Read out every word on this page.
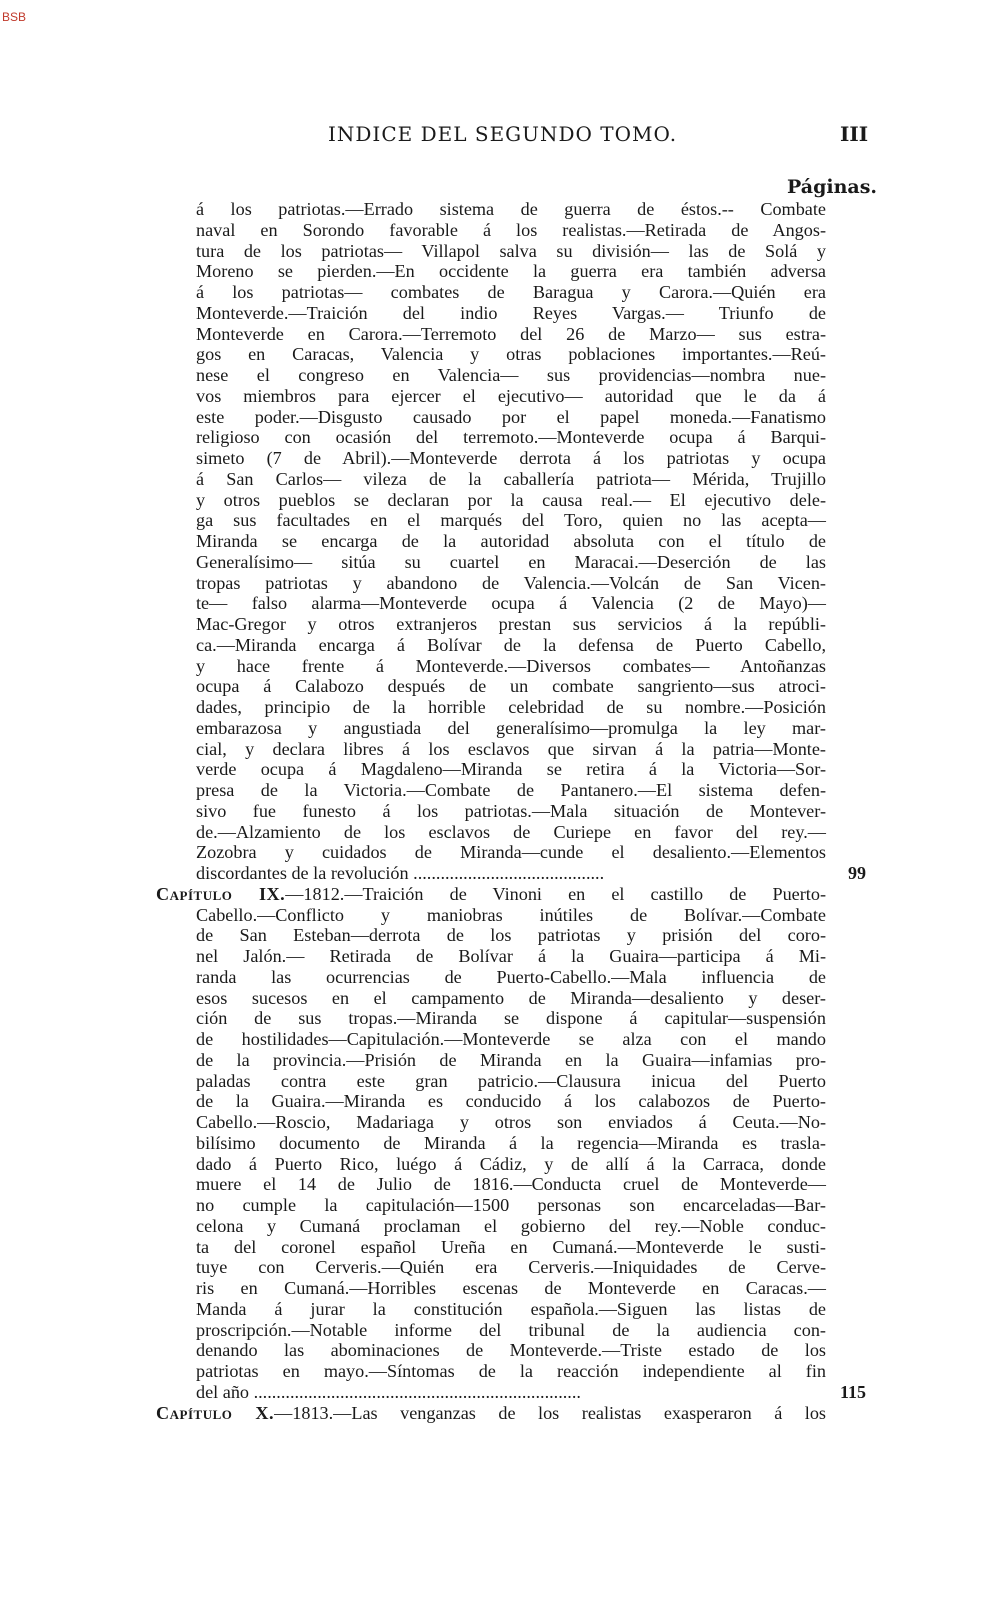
BSB
INDICE DEL SEGUNDO TOMO.	III
Páginas.
á los patriotas.—Errado sistema de guerra de éstos.-- Combate
naval en Sorondo favorable á los realistas.—Retirada de Angos-
tura de los patriotas— Villapol salva su división— las de Solá y
Moreno se pierden.—En occidente la guerra era también adversa
á los patriotas— combates de Baragua y Carora.—Quién era
Monteverde.—Traición del indio Reyes Vargas.— Triunfo de
Monteverde en Carora.—Terremoto del 26 de Marzo— sus estra-
gos en Caracas, Valencia y otras poblaciones importantes.—Reú-
nese el congreso en Valencia— sus providencias—nombra nue-
vos miembros para ejercer el ejecutivo— autoridad que le da á
este poder.—Disgusto causado por el papel moneda.—Fanatismo
religioso con ocasión del terremoto.—Monteverde ocupa á Barqui-
simeto (7 de Abril).—Monteverde derrota á los patriotas y ocupa
á San Carlos— vileza de la caballería patriota— Mérida, Trujillo
y otros pueblos se declaran por la causa real.— El ejecutivo dele-
ga sus facultades en el marqués del Toro, quien no las acepta—
Miranda se encarga de la autoridad absoluta con el título de
Generalísimo— sitúa su cuartel en Maracai.—Deserción de las
tropas patriotas y abandono de Valencia.—Volcán de San Vicen-
te— falso alarma—Monteverde ocupa á Valencia (2 de Mayo)—
Mac-Gregor y otros extranjeros prestan sus servicios á la repúbli-
ca.—Miranda encarga á Bolívar de la defensa de Puerto Cabello,
y hace frente á Monteverde.—Diversos combates— Antoñanzas
ocupa á Calabozo después de un combate sangriento—sus atroci-
dades, principio de la horrible celebridad de su nombre.—Posición
embarazosa y angustiada del generalísimo—promulga la ley mar-
cial, y declara libres á los esclavos que sirvan á la patria—Monte-
verde ocupa á Magdaleno—Miranda se retira á la Victoria—Sor-
presa de la Victoria.—Combate de Pantanero.—El sistema defen-
sivo fue funesto á los patriotas.—Mala situación de Montever-
de.—Alzamiento de los esclavos de Curiepe en favor del rey.—
Zozobra y cuidados de Miranda—cunde el desaliento.—Elementos
discordantes de la revolución ..........................................	99
Capítulo IX.—1812.—Traición de Vinoni en el castillo de Puerto-
Cabello.—Conflicto y maniobras inútiles de Bolívar.—Combate
de San Esteban—derrota de los patriotas y prisión del coro-
nel Jalón.— Retirada de Bolívar á la Guaira—participa á Mi-
randa las ocurrencias de Puerto-Cabello.—Mala influencia de
esos sucesos en el campamento de Miranda—desaliento y deser-
ción de sus tropas.—Miranda se dispone á capitular—suspensión
de hostilidades—Capitulación.—Monteverde se alza con el mando
de la provincia.—Prisión de Miranda en la Guaira—infamias pro-
paladas contra este gran patricio.—Clausura inicua del Puerto
de la Guaira.—Miranda es conducido á los calabozos de Puerto-
Cabello.—Roscio, Madariaga y otros son enviados á Ceuta.—No-
bilísimo documento de Miranda á la regencia—Miranda es trasla-
dado á Puerto Rico, luégo á Cádiz, y de allí á la Carraca, donde
muere el 14 de Julio de 1816.—Conducta cruel de Monteverde—
no cumple la capitulación—1500 personas son encarceladas—Bar-
celona y Cumaná proclaman el gobierno del rey.—Noble conduc-
ta del coronel español Ureña en Cumaná.—Monteverde le susti-
tuye con Cerveris.—Quién era Cerveris.—Iniquidades de Cerve-
ris en Cumaná.—Horribles escenas de Monteverde en Caracas.—
Manda á jurar la constitución española.—Siguen las listas de
proscripción.—Notable informe del tribunal de la audiencia con-
denando las abominaciones de Monteverde.—Triste estado de los
patriotas en mayo.—Síntomas de la reacción independiente al fin
del año ........................................................................	115
Capítulo X.—1813.—Las venganzas de los realistas exasperaron á los
